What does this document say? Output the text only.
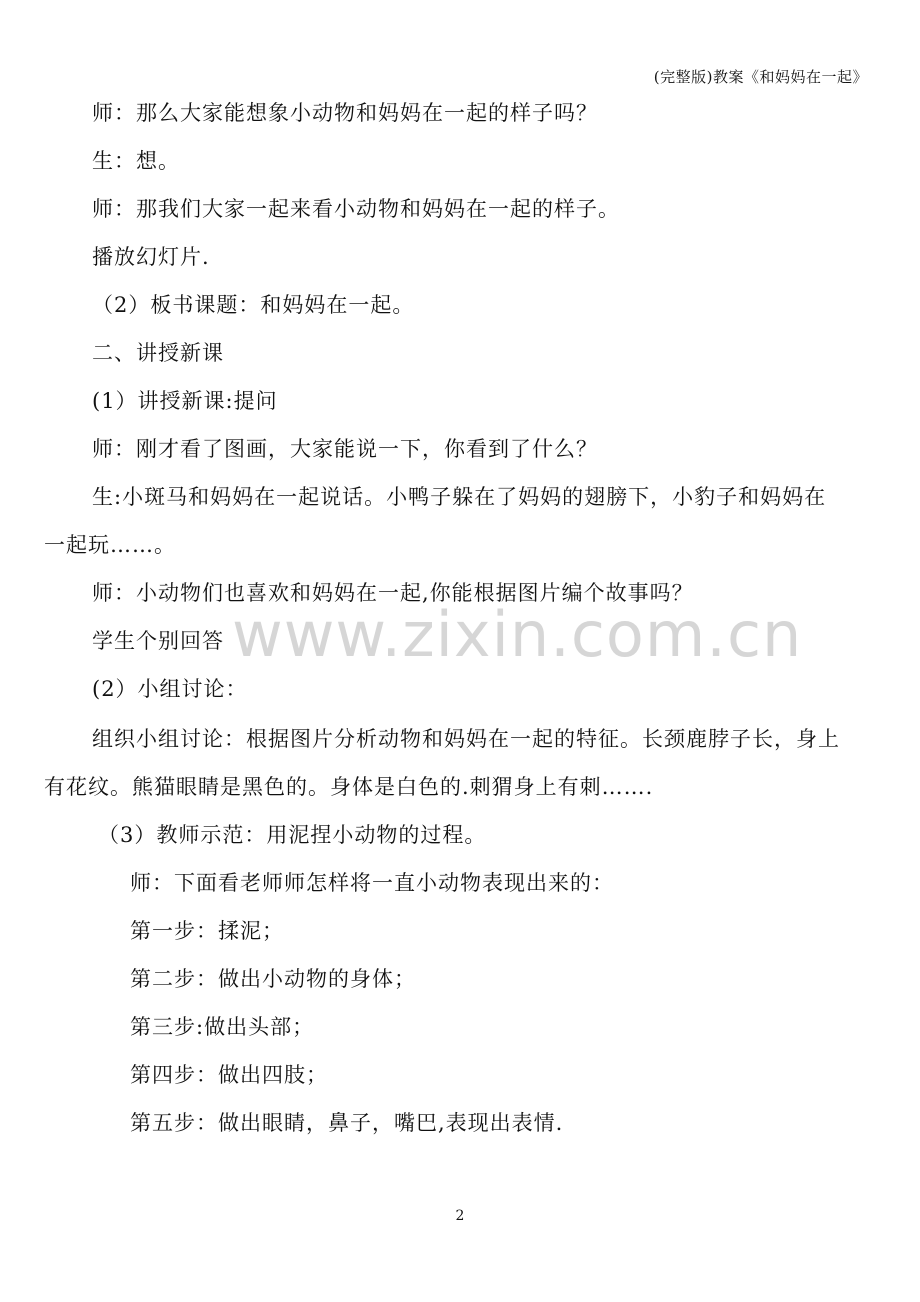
(完整版)教案《和妈妈在一起》
www.zixin.com.cn
师：那么大家能想象小动物和妈妈在一起的样子吗？
生：想。
师：那我们大家一起来看小动物和妈妈在一起的样子。
播放幻灯片.
（2）板书课题：和妈妈在一起。
二、讲授新课
(1）讲授新课:提问
师：刚才看了图画，大家能说一下，你看到了什么？
生:小斑马和妈妈在一起说话。小鸭子躲在了妈妈的翅膀下，小豹子和妈妈在
一起玩……。
师：小动物们也喜欢和妈妈在一起,你能根据图片编个故事吗？
学生个别回答
(2）小组讨论：
组织小组讨论：根据图片分析动物和妈妈在一起的特征。长颈鹿脖子长，身上
有花纹。熊猫眼睛是黑色的。身体是白色的.刺猬身上有刺…….
（3）教师示范：用泥捏小动物的过程。
师：下面看老师师怎样将一直小动物表现出来的：
第一步：揉泥；
第二步：做出小动物的身体；
第三步:做出头部；
第四步：做出四肢；
第五步：做出眼睛，鼻子，嘴巴,表现出表情.
2
